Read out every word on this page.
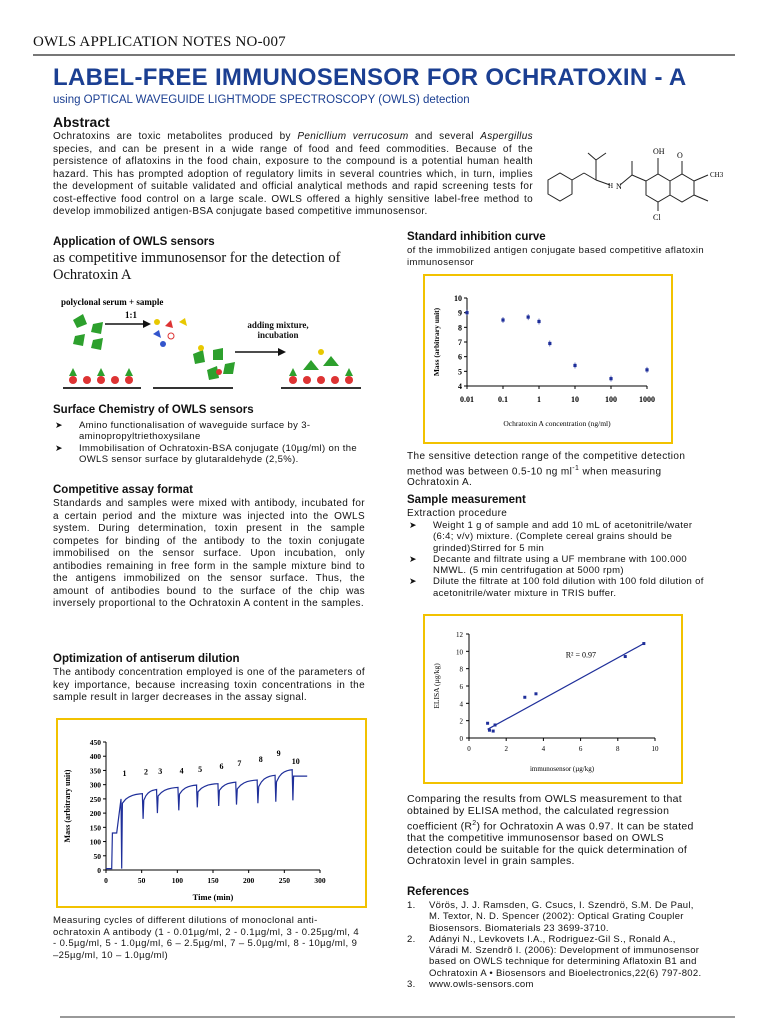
OWLS APPLICATION NOTES NO-007
LABEL-FREE IMMUNOSENSOR FOR OCHRATOXIN - A
using OPTICAL WAVEGUIDE LIGHTMODE SPECTROSCOPY (OWLS) detection
Abstract
Ochratoxins are toxic metabolites produced by Penicllium verrucosum and several Aspergillus species, and can be present in a wide range of food and feed commodities. Because of the persistence of aflatoxins in the food chain, exposure to the compound is a potential human health hazard. This has prompted adoption of regulatory limits in several countries which, in turn, implies the development of suitable validated and official analytical methods and rapid screening tests for cost-effective food control on a large scale. OWLS offered a highly sensitive label-free method to develop immobilized antigen-BSA conjugate based competitive immunosensor.
OH O
H N
CH3
Cl
Application of OWLS sensors
as competitive immunosensor for the detection of Ochratoxin A
polyclonal serum + sample
1:1
adding mixture, incubation
Surface Chemistry of OWLS sensors
➤ Amino functionalisation of waveguide surface by 3-aminopropyltriethoxysilane
➤ Immobilisation of Ochratoxin-BSA conjugate (10µg/ml) on the OWLS sensor surface by glutaraldehyde (2,5%).
Competitive assay format
Standards and samples were mixed with antibody, incubated for a certain period and the mixture was injected into the OWLS system. During determination, toxin present in the sample competes for binding of the antibody to the toxin conjugate immobilised on the sensor surface. Upon incubation, only antibodies remaining in free form in the sample mixture bind to the antigens immobilized on the sensor surface. Thus, the amount of antibodies bound to the surface of the chip was inversely proportional to the Ochratoxin A content in the samples.
Optimization of antiserum dilution
The antibody concentration employed is one of the parameters of key importance, because increasing toxin concentrations in the sample result in larger decreases in the assay signal.
0
50
100
150
200
250
300
350
400
450
0	50	100	150	200	250	300
Time (min)
Mass (arbitrary unit)	1 2 3 4 5 6 7 8
9
10
Measuring cycles of different dilutions of monoclonal anti-ochratoxin A antibody (1 - 0.01µg/ml, 2 - 0.1µg/ml, 3 - 0.25µg/ml, 4 - 0.5µg/ml, 5 - 1.0µg/ml, 6 – 2.5µg/ml, 7 – 5.0µg/ml, 8 - 10µg/ml, 9 –25µg/ml, 10 – 1.0µg/ml)
Standard inhibition curve
of the immobilized antigen conjugate based competitive aflatoxin immunosensor
4
5
6
7
8
9
10
0.01	0.1	1	10	100	1000
Ochratoxin A concentration (ng/ml)
Mass (arbitrary unit)
The sensitive detection range of the competitive detection method was between 0.5-10 ng $ml^{-1}$ when measuring Ochratoxin A.
Sample measurement
Extraction procedure
➤ Weight 1 g of sample and add 10 mL of acetonitrile/water (6:4; v/v) mixture. (Complete cereal grains should be grinded)Stirred for 5 min
➤ Decante and filtrate using a UF membrane with 100.000 NMWL. (5 min centrifugation at 5000 rpm)
➤ Dilute the filtrate at 100 fold dilution with 100 fold dilution of acetonitrile/water mixture in TRIS buffer.
0
2
4
6
8
10
12
0	2	4	6	8	10
immunosensor (µg/kg)
ELISA (µg/kg)
R² = 0.97
Comparing the results from OWLS measurement to that obtained by ELISA method, the calculated regression coefficient $(R^2)$ for Ochratoxin A was 0.97. It can be stated that the competitive immunosensor based on OWLS detection could be suitable for the quick determination of Ochratoxin level in grain samples.
References
1. Vörös, J. J. Ramsden, G. Csucs, I. Szendrö, S.M. De Paul, M. Textor, N. D. Spencer (2002): Optical Grating Coupler Biosensors. Biomaterials 23 3699-3710.
2. Adányi N., Levkovets I.A., Rodriguez-Gil S., Ronald A., Váradi M. Szendrõ I. (2006): Development of immunosensor based on OWLS technique for determining Aflatoxin B1 and Ochratoxin A • Biosensors and Bioelectronics,22(6) 797-802.
3. www.owls-sensors.com
